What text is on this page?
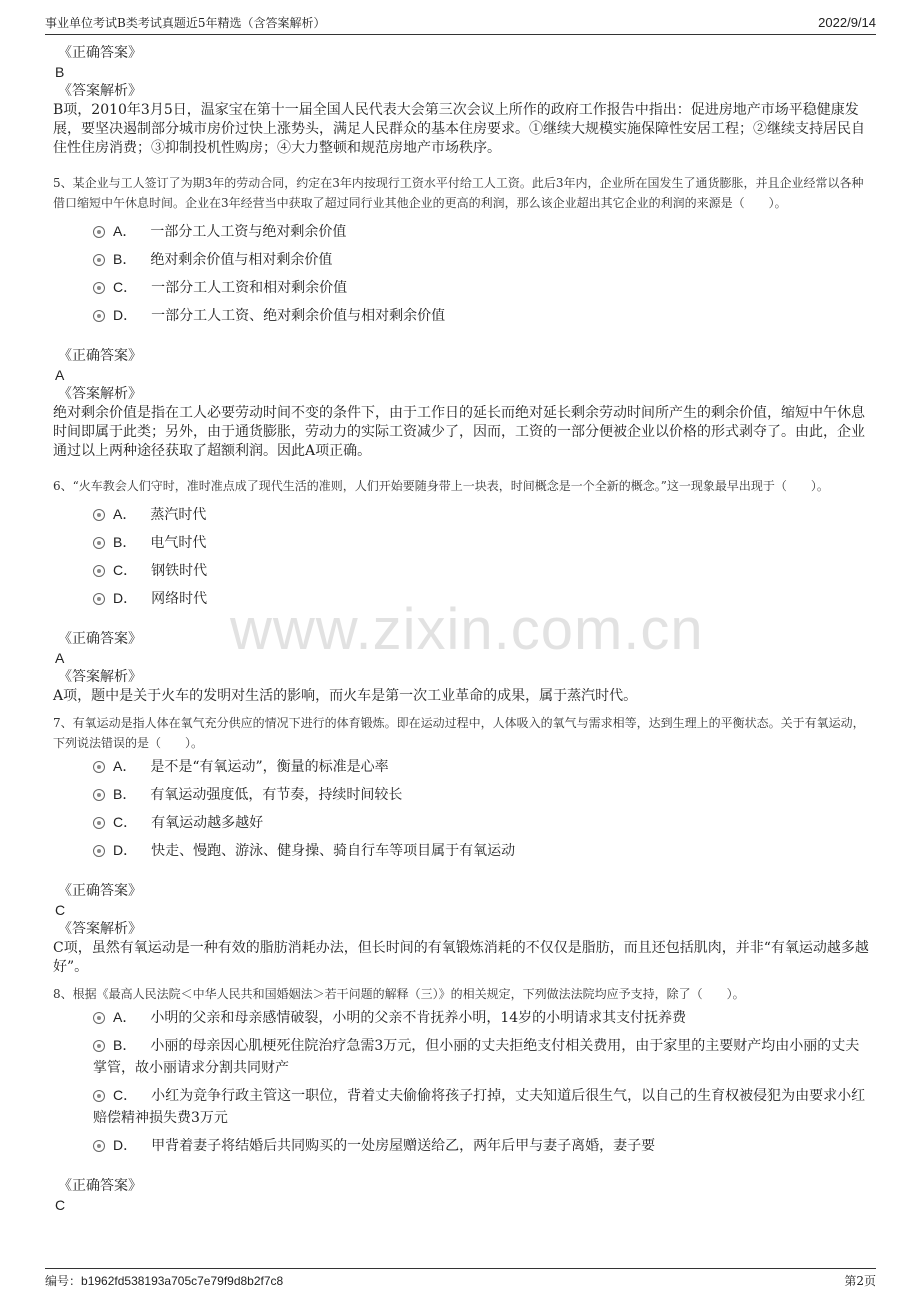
事业单位考试B类考试真题近5年精选（含答案解析）	2022/9/14
www.zixin.com.cn
《正确答案》
B
《答案解析》
B项，2010年3月5日，温家宝在第十一届全国人民代表大会第三次会议上所作的政府工作报告中指出：促进房地产市场平稳健康发展，要坚决遏制部分城市房价过快上涨势头，满足人民群众的基本住房要求。①继续大规模实施保障性安居工程；②继续支持居民自住性住房消费；③抑制投机性购房；④大力整顿和规范房地产市场秩序。
5、某企业与工人签订了为期3年的劳动合同，约定在3年内按现行工资水平付给工人工资。此后3年内，企业所在国发生了通货膨胀，并且企业经常以各种借口缩短中午休息时间。企业在3年经营当中获取了超过同行业其他企业的更高的利润，那么该企业超出其它企业的利润的来源是（　　）。
A． 一部分工人工资与绝对剩余价值
B． 绝对剩余价值与相对剩余价值
C． 一部分工人工资和相对剩余价值
D． 一部分工人工资、绝对剩余价值与相对剩余价值
《正确答案》
A
《答案解析》
绝对剩余价值是指在工人必要劳动时间不变的条件下，由于工作日的延长而绝对延长剩余劳动时间所产生的剩余价值，缩短中午休息时间即属于此类；另外，由于通货膨胀，劳动力的实际工资减少了，因而，工资的一部分便被企业以价格的形式剥夺了。由此，企业通过以上两种途径获取了超额利润。因此A项正确。
6、“火车教会人们守时，准时准点成了现代生活的准则，人们开始要随身带上一块表，时间概念是一个全新的概念。”这一现象最早出现于（　　）。
A． 蒸汽时代
B． 电气时代
C． 钢铁时代
D． 网络时代
《正确答案》
A
《答案解析》
A项，题中是关于火车的发明对生活的影响，而火车是第一次工业革命的成果，属于蒸汽时代。
7、有氧运动是指人体在氧气充分供应的情况下进行的体育锻炼。即在运动过程中，人体吸入的氧气与需求相等，达到生理上的平衡状态。关于有氧运动，下列说法错误的是（　　）。
A． 是不是“有氧运动”，衡量的标准是心率
B． 有氧运动强度低，有节奏，持续时间较长
C． 有氧运动越多越好
D． 快走、慢跑、游泳、健身操、骑自行车等项目属于有氧运动
《正确答案》
C
《答案解析》
C项，虽然有氧运动是一种有效的脂肪消耗办法，但长时间的有氧锻炼消耗的不仅仅是脂肪，而且还包括肌肉，并非“有氧运动越多越好”。
8、根据《最高人民法院＜中华人民共和国婚姻法＞若干问题的解释（三）》的相关规定，下列做法法院均应予支持，除了（　　）。
A． 小明的父亲和母亲感情破裂，小明的父亲不肯抚养小明，14岁的小明请求其支付抚养费
B． 小丽的母亲因心肌梗死住院治疗急需3万元，但小丽的丈夫拒绝支付相关费用，由于家里的主要财产均由小丽的丈夫掌管，故小丽请求分割共同财产
C． 小红为竞争行政主管这一职位，背着丈夫偷偷将孩子打掉，丈夫知道后很生气，以自己的生育权被侵犯为由要求小红赔偿精神损失费3万元
D． 甲背着妻子将结婚后共同购买的一处房屋赠送给乙，两年后甲与妻子离婚，妻子要
《正确答案》
C
编号：b1962fd538193a705c7e79f9d8b2f7c8	第2页
